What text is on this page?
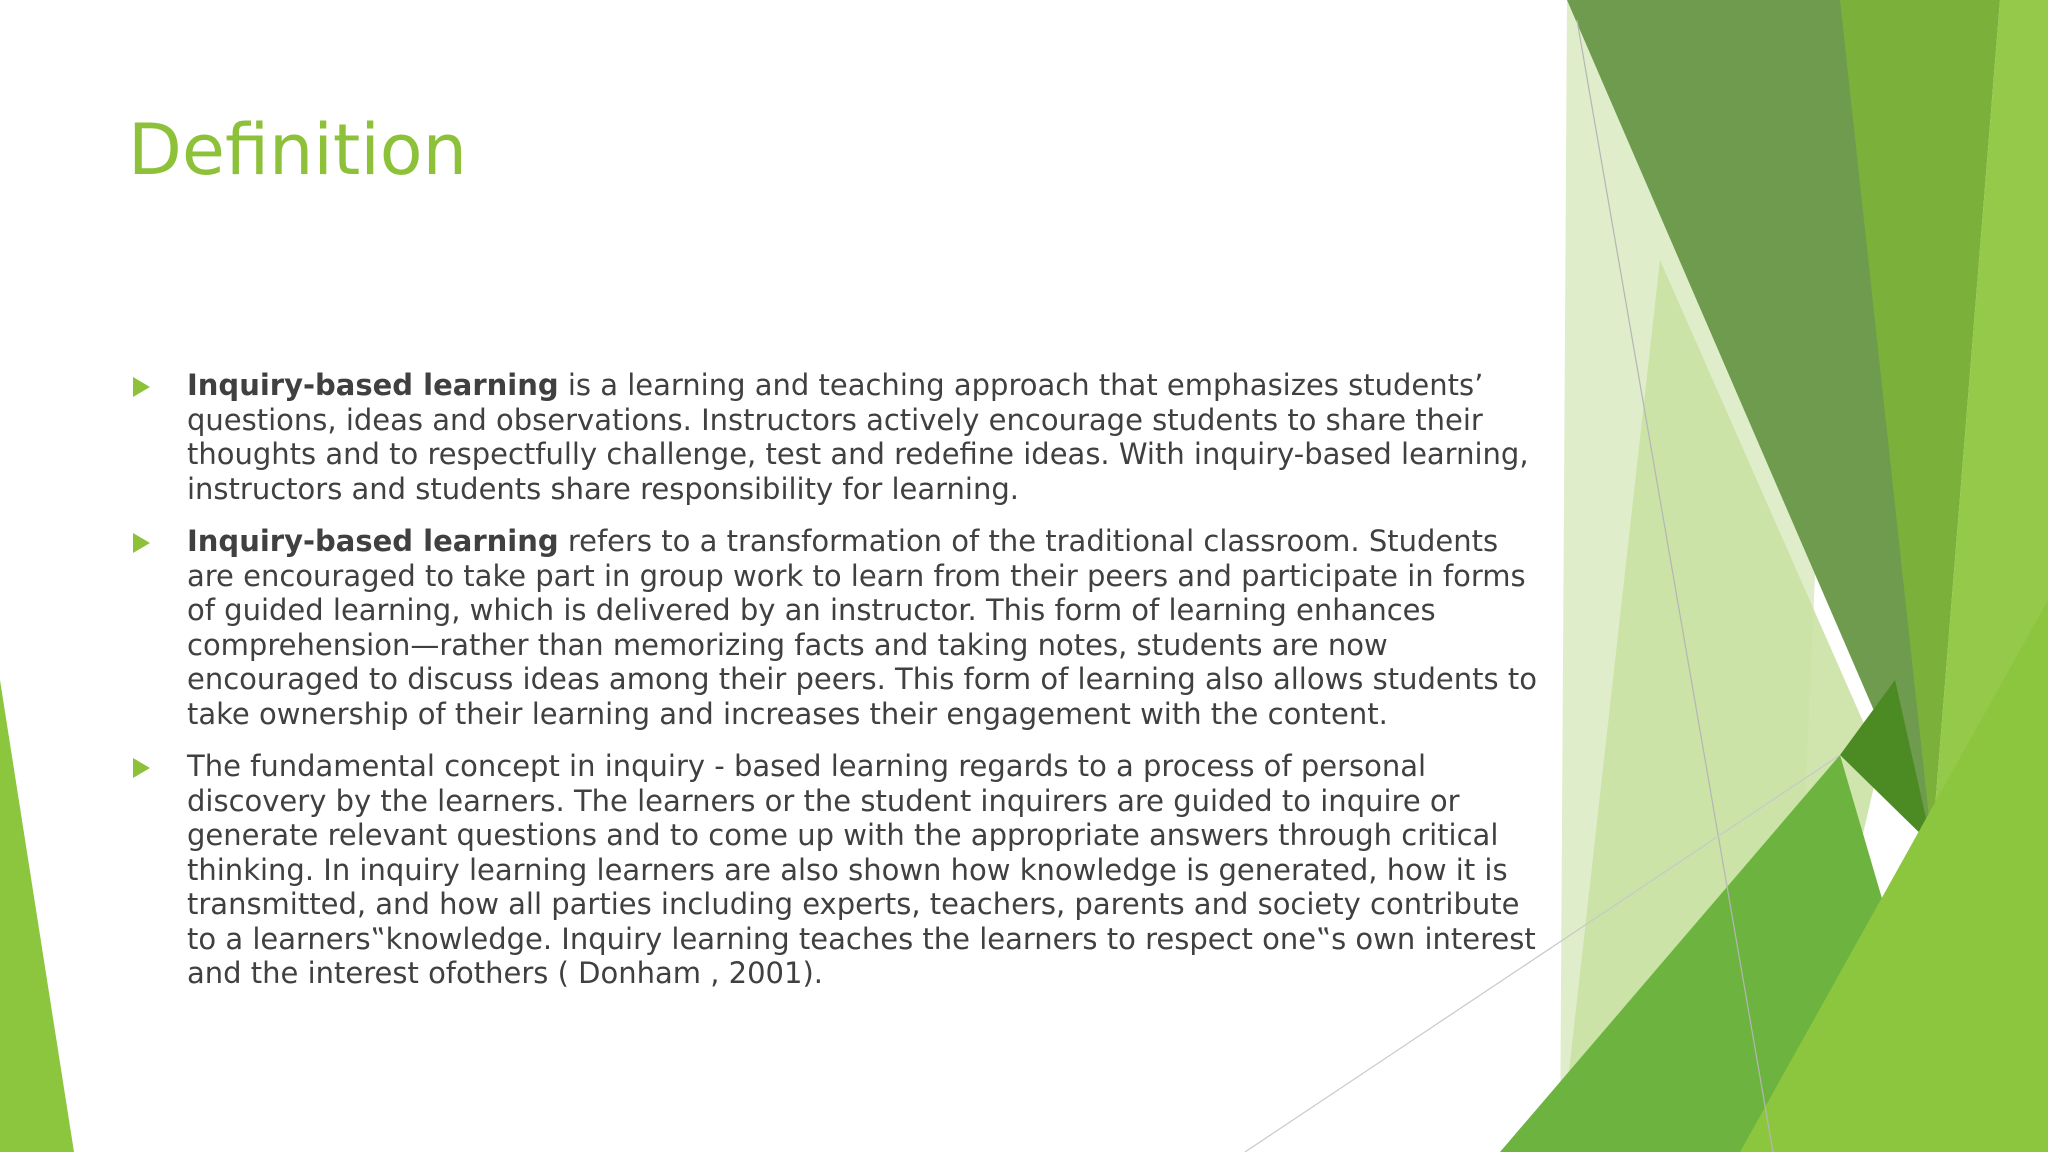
Definition
Inquiry-based learning is a learning and teaching approach that emphasizes students’ questions, ideas and observations. Instructors actively encourage students to share their thoughts and to respectfully challenge, test and redefine ideas. With inquiry-based learning, instructors and students share responsibility for learning.
Inquiry-based learning refers to a transformation of the traditional classroom. Students are encouraged to take part in group work to learn from their peers and participate in forms of guided learning, which is delivered by an instructor. This form of learning enhances comprehension—rather than memorizing facts and taking notes, students are now encouraged to discuss ideas among their peers. This form of learning also allows students to take ownership of their learning and increases their engagement with the content.
The fundamental concept in inquiry - based learning regards to a process of personal discovery by the learners. The learners or the student inquirers are guided to inquire or generate relevant questions and to come up with the appropriate answers through critical thinking. In inquiry learning learners are also shown how knowledge is generated, how it is transmitted, and how all parties including experts, teachers, parents and society contribute to a learners‟knowledge. Inquiry learning teaches the learners to respect one‟s own interest and the interest ofothers ( Donham , 2001).
